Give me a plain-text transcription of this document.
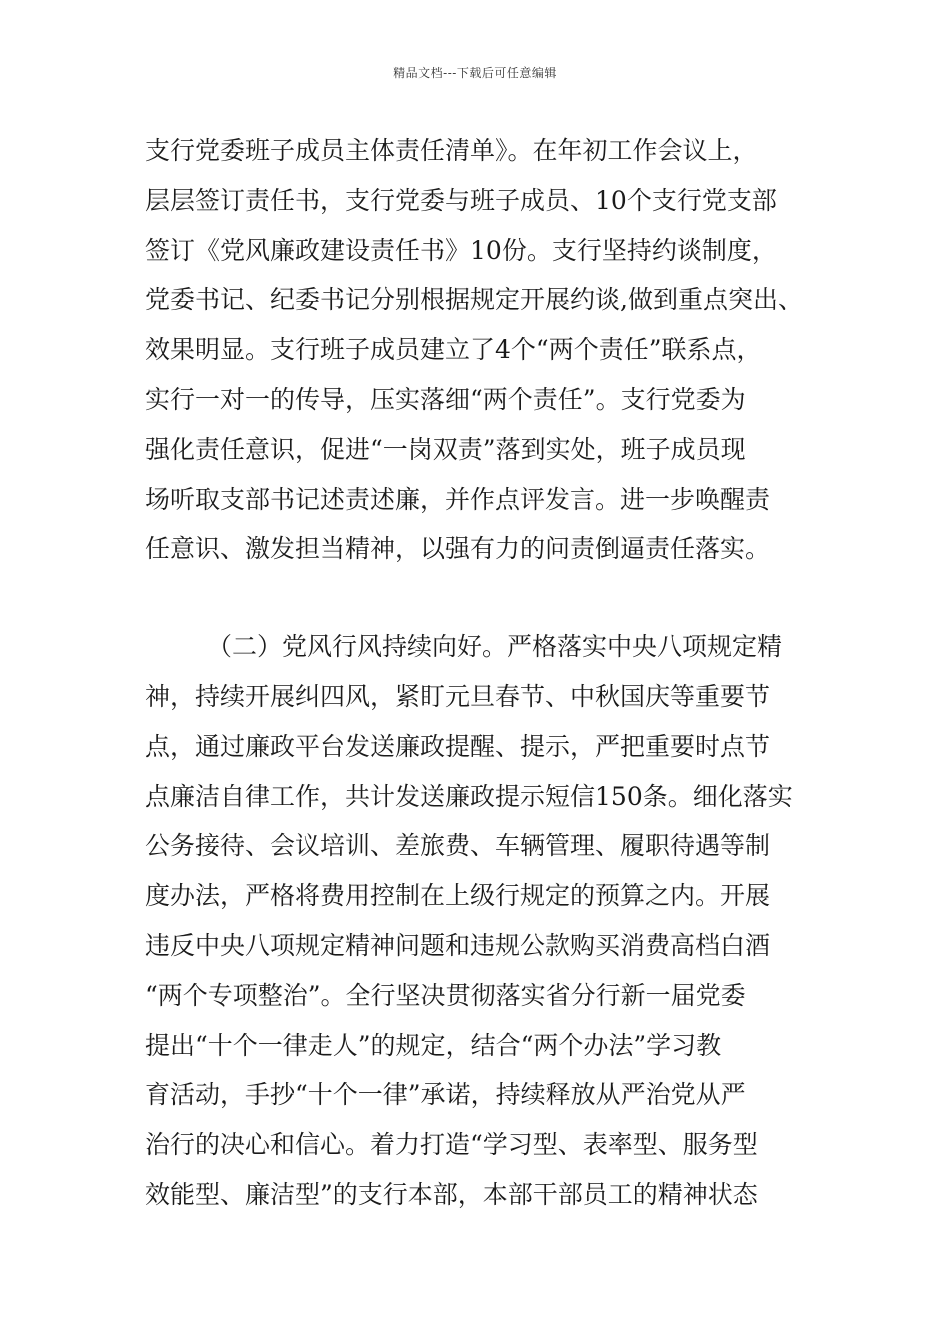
精品文档---下载后可任意编辑
支行党委班子成员主体责任清单》。在年初工作会议上，
层层签订责任书，支行党委与班子成员、10个支行党支部
签订《党风廉政建设责任书》10份。支行坚持约谈制度，
党委书记、纪委书记分别根据规定开展约谈,做到重点突出、
效果明显。支行班子成员建立了4个“两个责任”联系点，
实行一对一的传导，压实落细“两个责任”。支行党委为
强化责任意识，促进“一岗双责”落到实处，班子成员现
场听取支部书记述责述廉，并作点评发言。进一步唤醒责
任意识、激发担当精神，以强有力的问责倒逼责任落实。
（二）党风行风持续向好。严格落实中央八项规定精
神，持续开展纠四风，紧盯元旦春节、中秋国庆等重要节
点，通过廉政平台发送廉政提醒、提示，严把重要时点节
点廉洁自律工作，共计发送廉政提示短信150条。细化落实
公务接待、会议培训、差旅费、车辆管理、履职待遇等制
度办法，严格将费用控制在上级行规定的预算之内。开展
违反中央八项规定精神问题和违规公款购买消费高档白酒
“两个专项整治”。全行坚决贯彻落实省分行新一届党委
提出“十个一律走人”的规定，结合“两个办法”学习教
育活动，手抄“十个一律”承诺，持续释放从严治党从严
治行的决心和信心。着力打造“学习型、表率型、服务型
效能型、廉洁型”的支行本部，本部干部员工的精神状态
